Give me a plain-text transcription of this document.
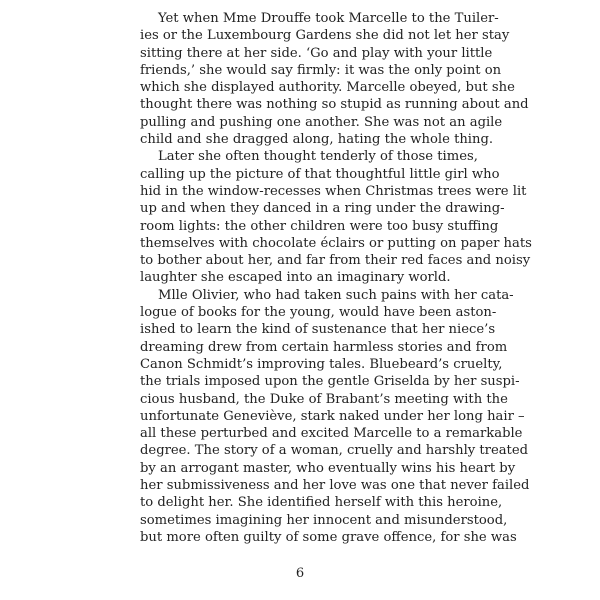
Yet when Mme Drouffe took Marcelle to the Tuiler-
ies or the Luxembourg Gardens she did not let her stay
sitting there at her side. ‘Go and play with your little
friends,’ she would say firmly: it was the only point on
which she displayed authority. Marcelle obeyed, but she
thought there was nothing so stupid as running about and
pulling and pushing one another. She was not an agile
child and she dragged along, hating the whole thing.
Later she often thought tenderly of those times,
calling up the picture of that thoughtful little girl who
hid in the window-recesses when Christmas trees were lit
up and when they danced in a ring under the drawing-
room lights: the other children were too busy stuffing
themselves with chocolate éclairs or putting on paper hats
to bother about her, and far from their red faces and noisy
laughter she escaped into an imaginary world.
Mlle Olivier, who had taken such pains with her cata-
logue of books for the young, would have been aston-
ished to learn the kind of sustenance that her niece’s
dreaming drew from certain harmless stories and from
Canon Schmidt’s improving tales. Bluebeard’s cruelty,
the trials imposed upon the gentle Griselda by her suspi-
cious husband, the Duke of Brabant’s meeting with the
unfortunate Geneviève, stark naked under her long hair –
all these perturbed and excited Marcelle to a remarkable
degree. The story of a woman, cruelly and harshly treated
by an arrogant master, who eventually wins his heart by
her submissiveness and her love was one that never failed
to delight her. She identified herself with this heroine,
sometimes imagining her innocent and misunderstood,
but more often guilty of some grave offence, for she was
6
